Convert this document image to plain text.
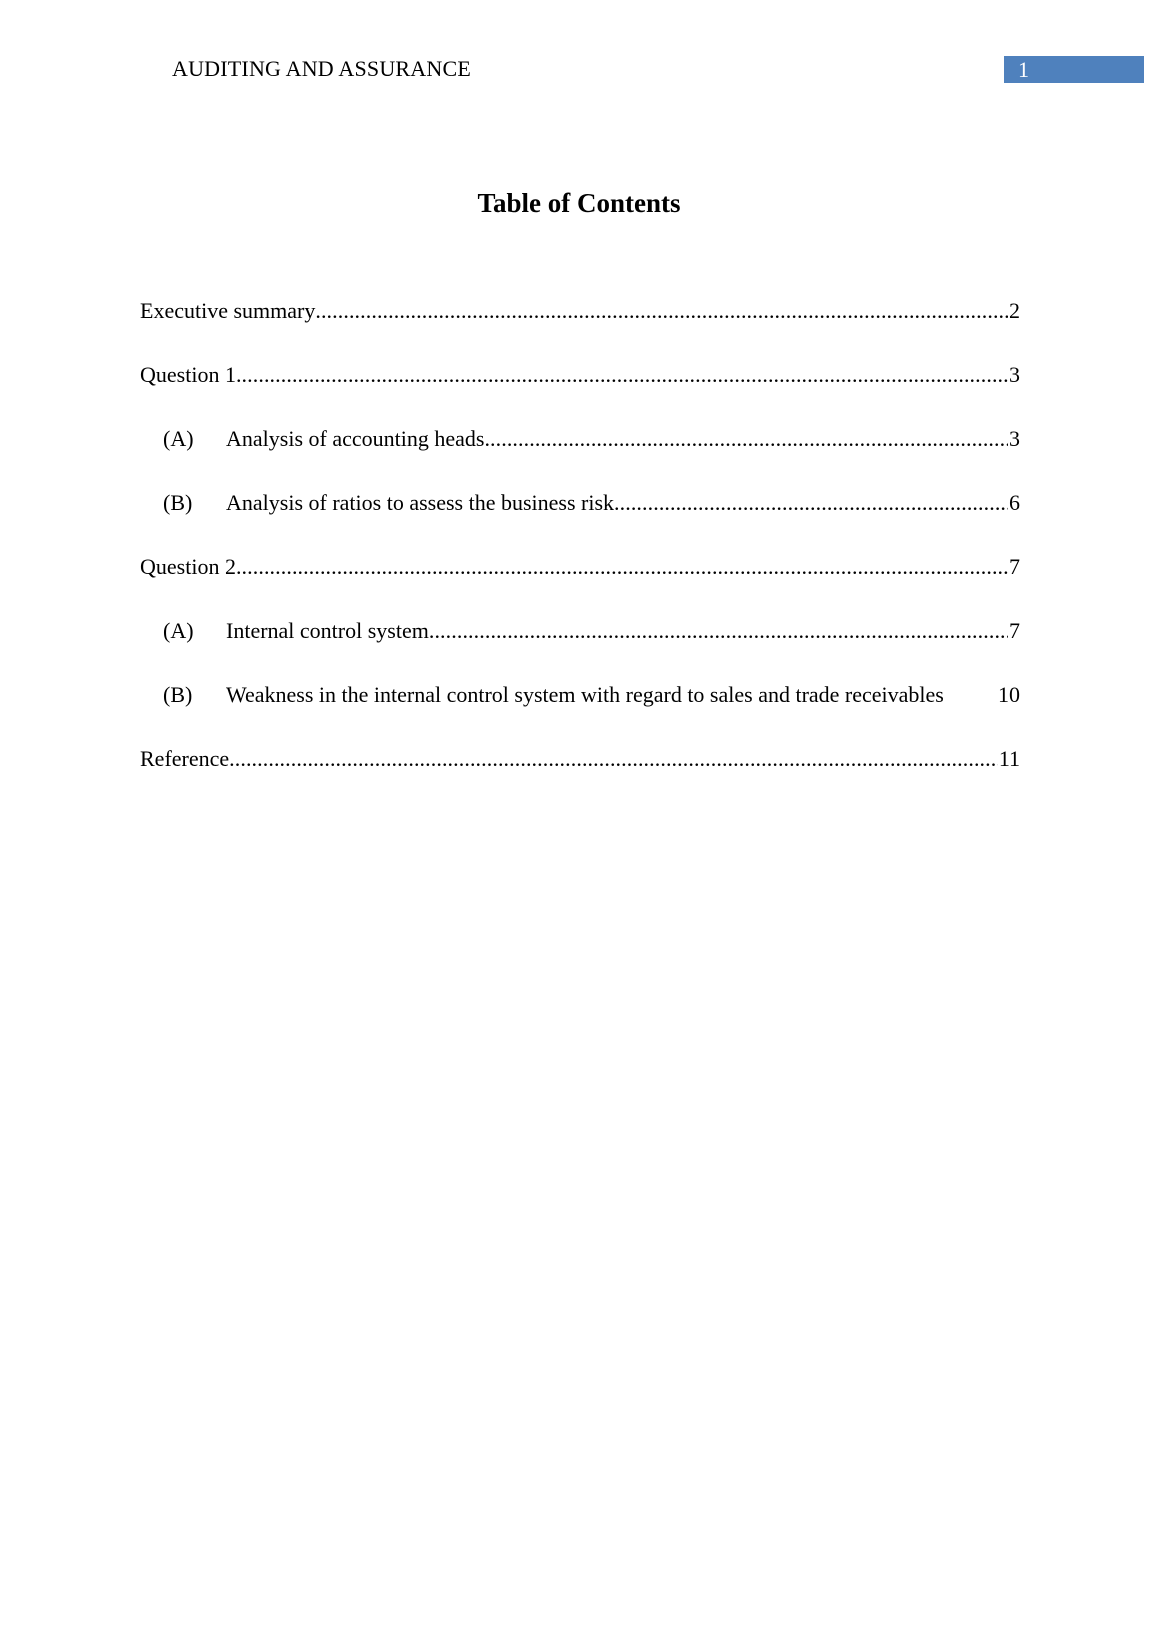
AUDITING AND ASSURANCE	1
Table of Contents
Executive summary .....	2
Question 1 .....	3
(A)	Analysis of accounting heads .....	3
(B)	Analysis of ratios to assess the business risk .....	6
Question 2 .....	7
(A)	Internal control system .....	7
(B)	Weakness in the internal control system with regard to sales and trade receivables 10
Reference .....	11
